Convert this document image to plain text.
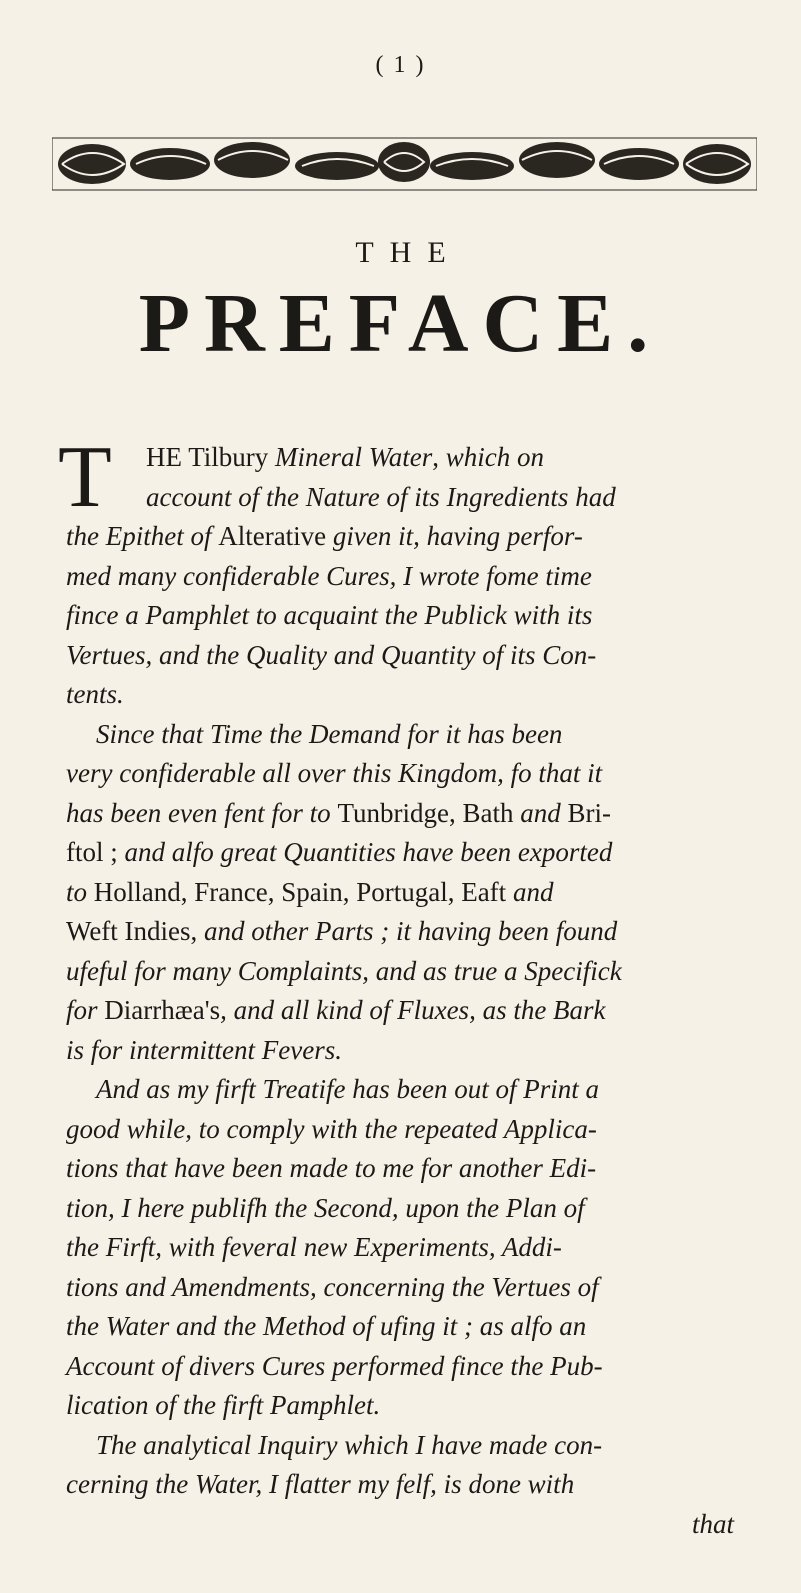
( 1 )
THE
PREFACE.
T	HE Tilbury Mineral Water, which on
account of the Nature of its Ingredients had
the Epithet of Alterative given it, having perfor-
med many confiderable Cures, I wrote fome time
fince a Pamphlet to acquaint the Publick with its
Vertues, and the Quality and Quantity of its Con-
tents.
Since that Time the Demand for it has been
very confiderable all over this Kingdom, fo that it
has been even fent for to Tunbridge, Bath and Bri-
ftol ; and alfo great Quantities have been exported
to Holland, France, Spain, Portugal, Eaft and
Weft Indies, and other Parts ; it having been found
ufeful for many Complaints, and as true a Specifick
for Diarrhæa's, and all kind of Fluxes, as the Bark
is for intermittent Fevers.
And as my firft Treatife has been out of Print a
good while, to comply with the repeated Applica-
tions that have been made to me for another Edi-
tion, I here publifh the Second, upon the Plan of
the Firft, with feveral new Experiments, Addi-
tions and Amendments, concerning the Vertues of
the Water and the Method of ufing it ; as alfo an
Account of divers Cures performed fince the Pub-
lication of the firft Pamphlet.
The analytical Inquiry which I have made con-
cerning the Water, I flatter my felf, is done with
that
